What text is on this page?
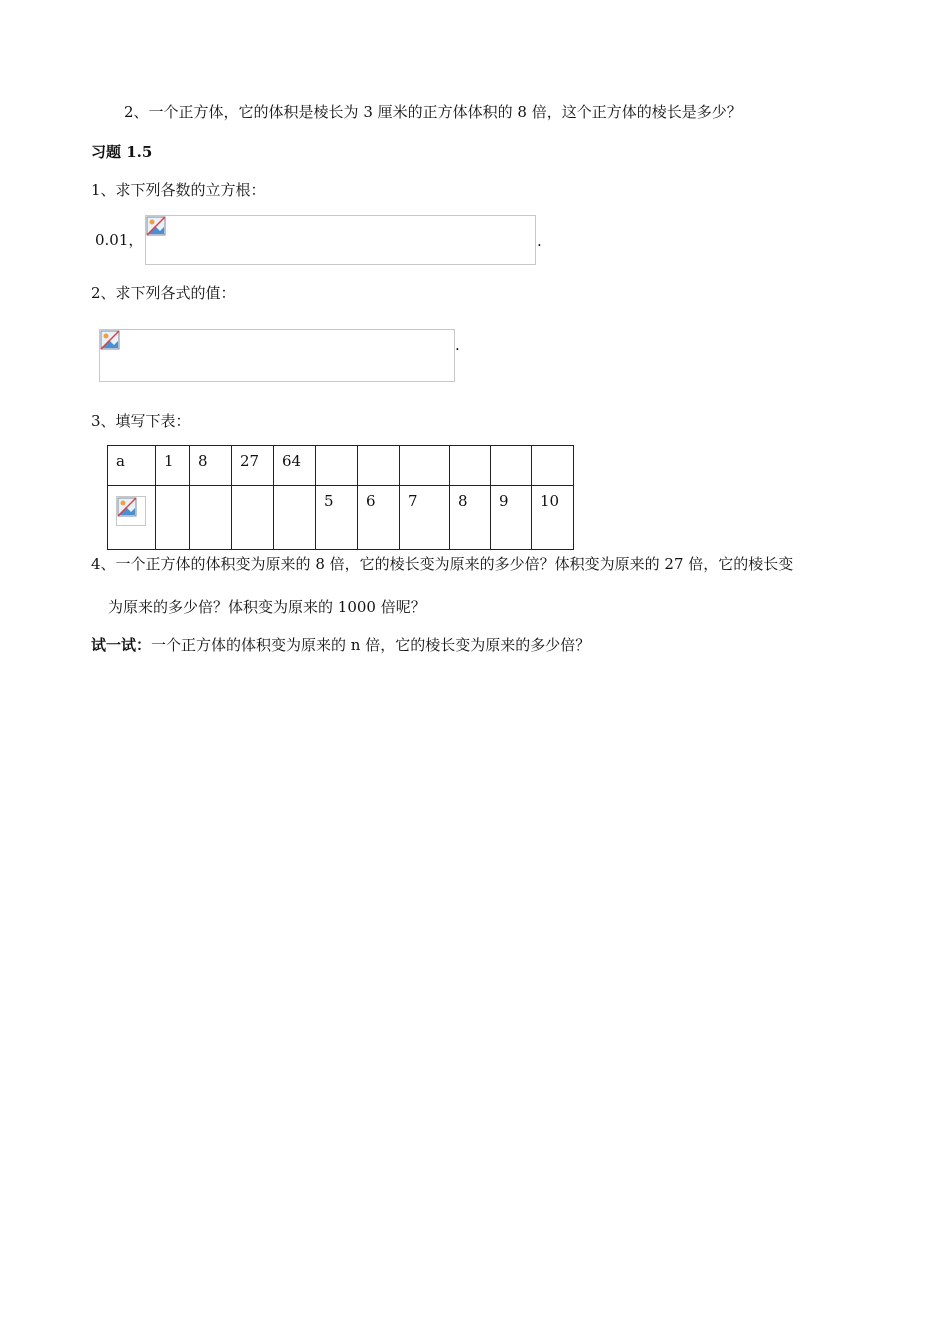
2、一个正方体，它的体积是棱长为 3 厘米的正方体体积的 8 倍，这个正方体的棱长是多少？
习题 1.5
1、求下列各数的立方根：
0.01，	.
2、求下列各式的值：
.
3、填写下表：
a	1	8	27	64						

					5	6	7	8	9	10
4、一个正方体的体积变为原来的 8 倍，它的棱长变为原来的多少倍？体积变为原来的 27 倍，它的棱长变
为原来的多少倍？体积变为原来的 1000 倍呢？
试一试：一个正方体的体积变为原来的 n 倍，它的棱长变为原来的多少倍？
